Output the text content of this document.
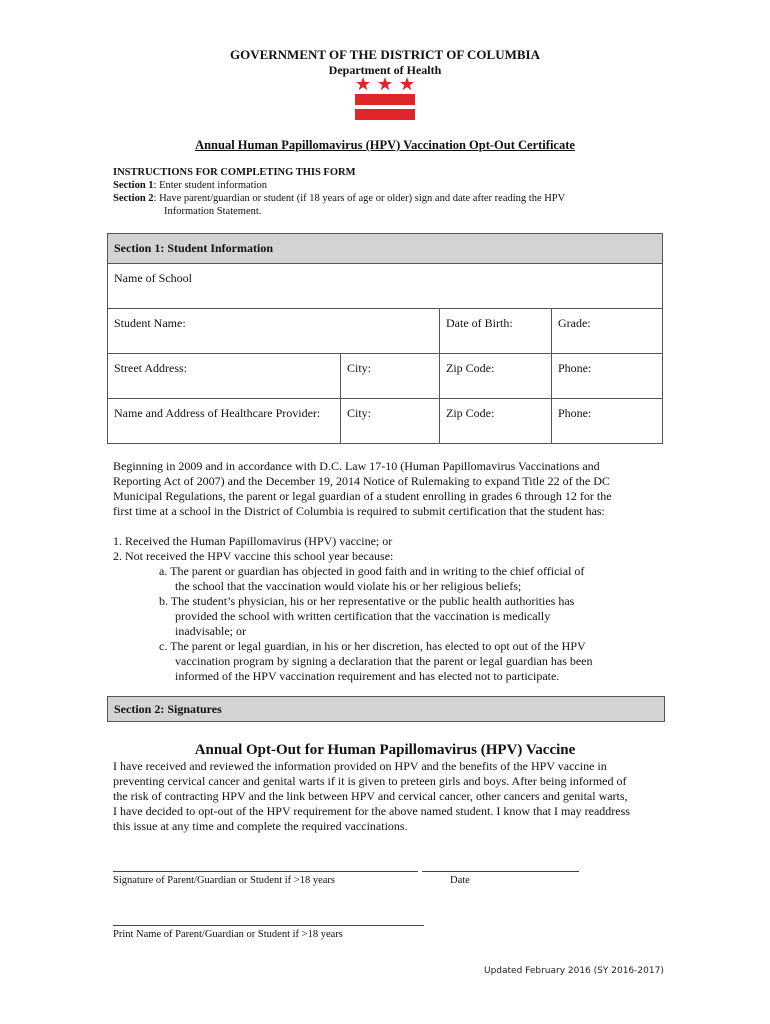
GOVERNMENT OF THE DISTRICT OF COLUMBIA
Department of Health
Annual Human Papillomavirus (HPV) Vaccination Opt-Out Certificate
INSTRUCTIONS FOR COMPLETING THIS FORM
Section 1: Enter student information
Section 2: Have parent/guardian or student (if 18 years of age or older) sign and date after reading the HPV
Information Statement.
Section 1: Student Information			
Name of School			
Student Name:		Date of Birth:	Grade:
Street Address:	City:	Zip Code:	Phone:
Name and Address of Healthcare Provider:	City:	Zip Code:	Phone:
Beginning in 2009 and in accordance with D.C. Law 17-10 (Human Papillomavirus Vaccinations and
Reporting Act of 2007) and the December 19, 2014 Notice of Rulemaking to expand Title 22 of the DC
Municipal Regulations, the parent or legal guardian of a student enrolling in grades 6 through 12 for the
first time at a school in the District of Columbia is required to submit certification that the student has:
1. Received the Human Papillomavirus (HPV) vaccine; or
2. Not received the HPV vaccine this school year because:
a. The parent or guardian has objected in good faith and in writing to the chief official of
the school that the vaccination would violate his or her religious beliefs;
b. The student’s physician, his or her representative or the public health authorities has
provided the school with written certification that the vaccination is medically
inadvisable; or
c. The parent or legal guardian, in his or her discretion, has elected to opt out of the HPV
vaccination program by signing a declaration that the parent or legal guardian has been
informed of the HPV vaccination requirement and has elected not to participate.
Section 2: Signatures
Annual Opt-Out for Human Papillomavirus (HPV) Vaccine
I have received and reviewed the information provided on HPV and the benefits of the HPV vaccine in
preventing cervical cancer and genital warts if it is given to preteen girls and boys. After being informed of
the risk of contracting HPV and the link between HPV and cervical cancer, other cancers and genital warts,
I have decided to opt-out of the HPV requirement for the above named student. I know that I may readdress
this issue at any time and complete the required vaccinations.
Signature of Parent/Guardian or Student if >18 years	Date
Print Name of Parent/Guardian or Student if >18 years
Updated February 2016 (SY 2016-2017)
